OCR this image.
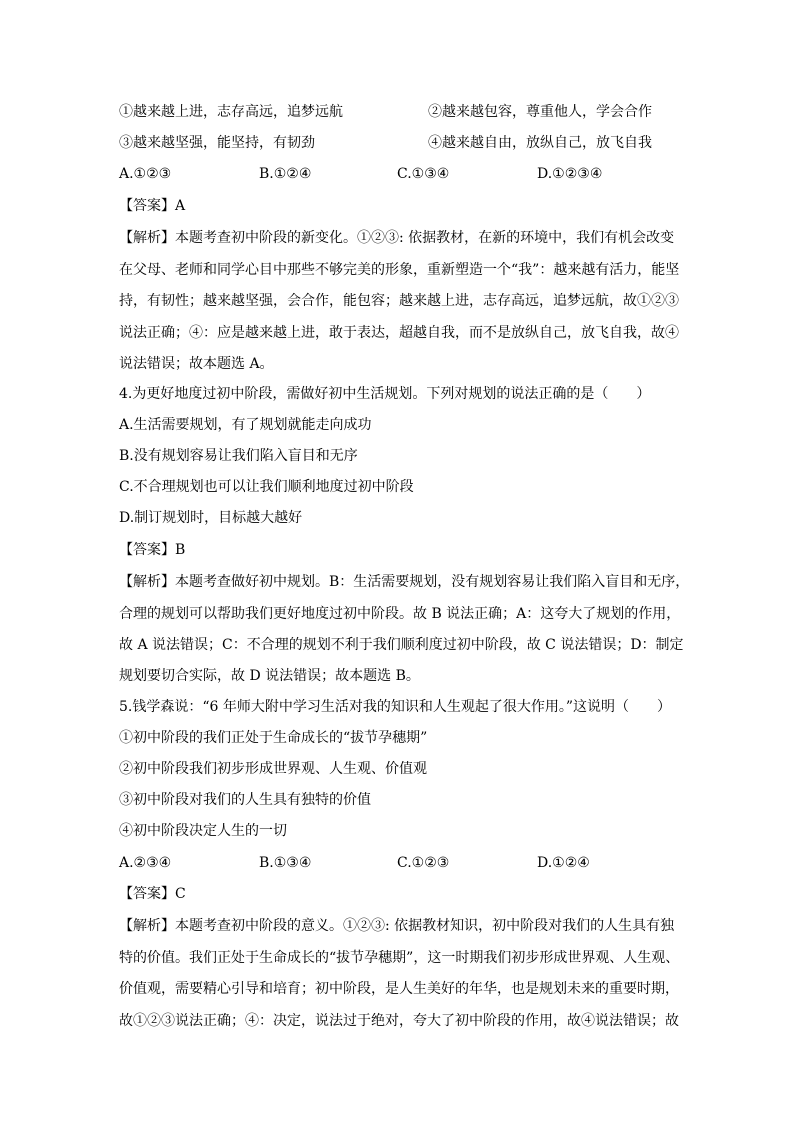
①越来越上进，志存高远，追梦远航	②越来越包容，尊重他人，学会合作
③越来越坚强，能坚持，有韧劲	④越来越自由，放纵自己，放飞自我
A.①②③	B.①②④	C.①③④	D.①②③④
【答案】A
【解析】本题考查初中阶段的新变化。①②③: 依据教材，在新的环境中，我们有机会改变
在父母、老师和同学心目中那些不够完美的形象，重新塑造一个“我”：越来越有活力，能坚
持，有韧性；越来越坚强，会合作，能包容；越来越上进，志存高远，追梦远航，故①②③
说法正确；④：应是越来越上进，敢于表达，超越自我，而不是放纵自己，放飞自我，故④
说法错误；故本题选 A。
4.为更好地度过初中阶段，需做好初中生活规划。下列对规划的说法正确的是（　　）
A.生活需要规划，有了规划就能走向成功
B.没有规划容易让我们陷入盲目和无序
C.不合理规划也可以让我们顺利地度过初中阶段
D.制订规划时，目标越大越好
【答案】B
【解析】本题考查做好初中规划。B：生活需要规划，没有规划容易让我们陷入盲目和无序，
合理的规划可以帮助我们更好地度过初中阶段。故 B 说法正确；A：这夸大了规划的作用，
故 A 说法错误；C：不合理的规划不利于我们顺利度过初中阶段，故 C 说法错误；D：制定
规划要切合实际，故 D 说法错误；故本题选 B。
5.钱学森说：“6 年师大附中学习生活对我的知识和人生观起了很大作用。”这说明（　　）
①初中阶段的我们正处于生命成长的“拔节孕穗期”
②初中阶段我们初步形成世界观、人生观、价值观
③初中阶段对我们的人生具有独特的价值
④初中阶段决定人生的一切
A.②③④	B.①③④	C.①②③	D.①②④
【答案】C
【解析】本题考查初中阶段的意义。①②③: 依据教材知识，初中阶段对我们的人生具有独
特的价值。我们正处于生命成长的“拔节孕穗期”，这一时期我们初步形成世界观、人生观、
价值观，需要精心引导和培育；初中阶段，是人生美好的年华，也是规划未来的重要时期，
故①②③说法正确；④：决定，说法过于绝对，夸大了初中阶段的作用，故④说法错误；故
